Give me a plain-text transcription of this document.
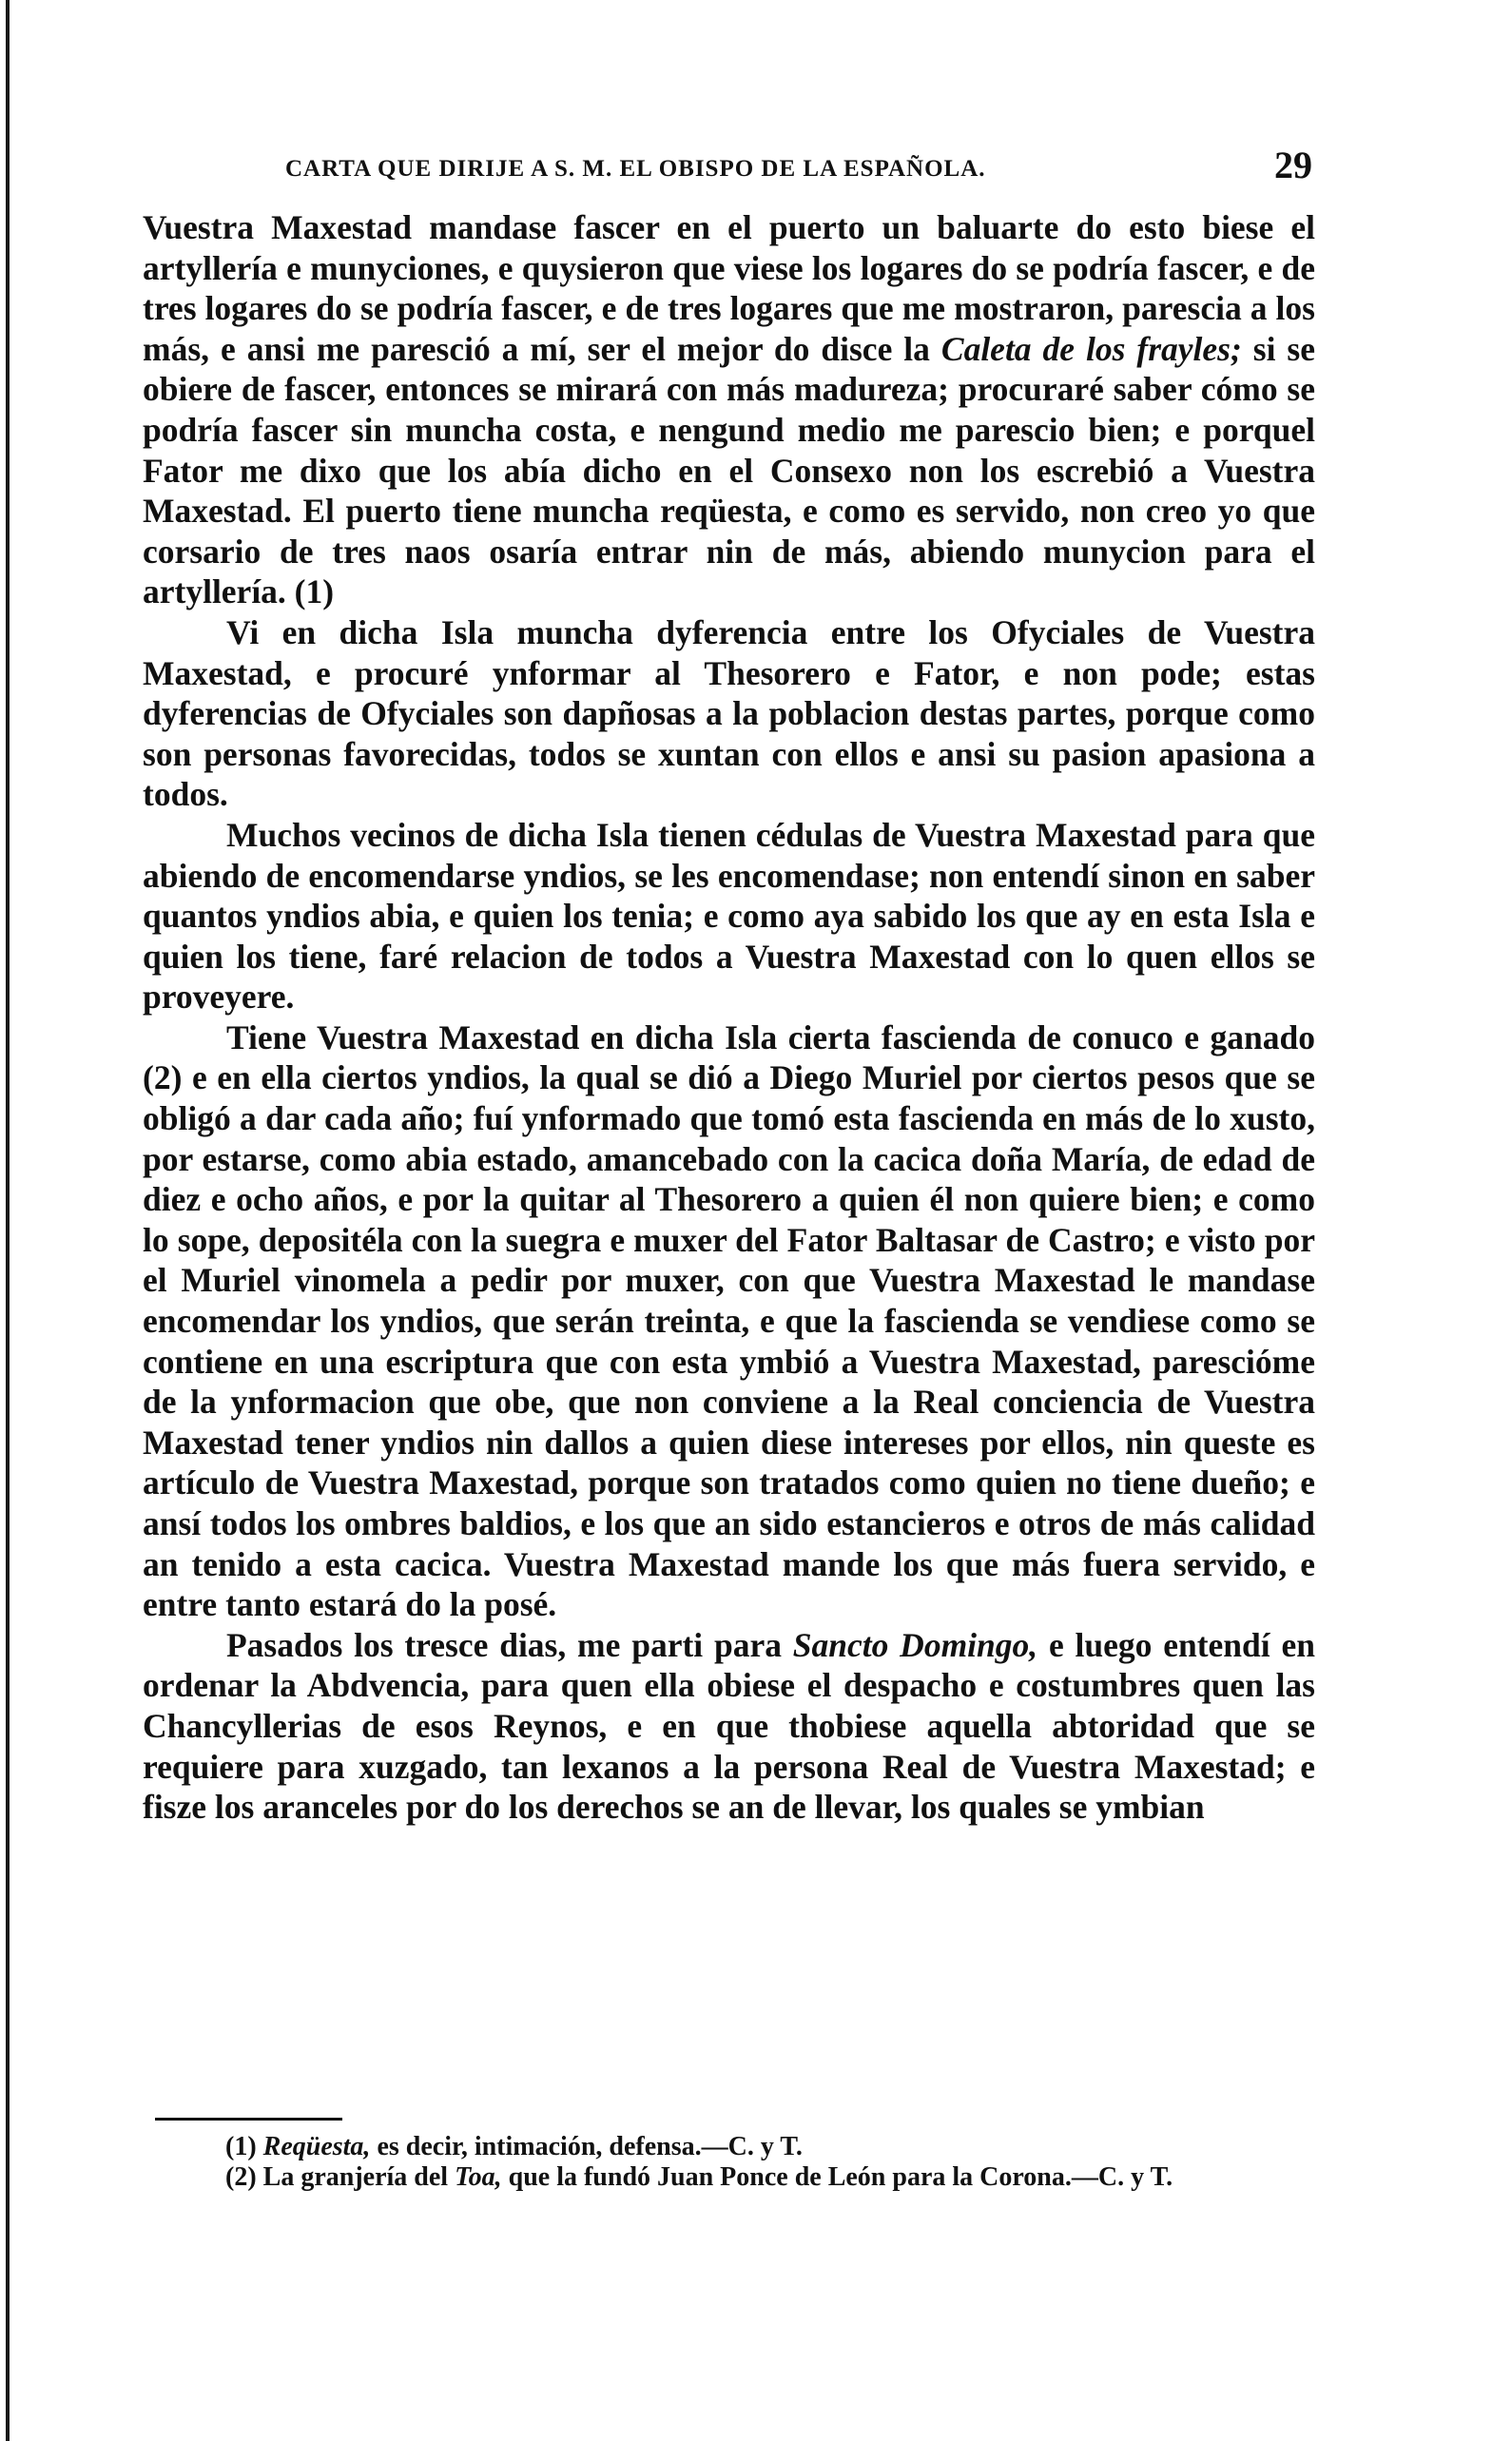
CARTA QUE DIRIJE A S. M. EL OBISPO DE LA ESPAÑOLA.	29

Vuestra Maxestad mandase fascer en el puerto un baluarte do esto biese el artyllería e munyciones, e quysieron que viese los logares do se podría fascer, e de tres logares do se podría fascer, e de tres logares que me mostraron, parescia a los más, e ansi me paresció a mí, ser el mejor do disce la Caleta de los frayles; si se obiere de fascer, entonces se mirará con más madureza; procuraré saber cómo se podría fascer sin muncha costa, e nengund medio me parescio bien; e porquel Fator me dixo que los abía dicho en el Consexo non los escrebió a Vuestra Maxestad. El puerto tiene muncha reqüesta, e como es servido, non creo yo que corsario de tres naos osaría entrar nin de más, abiendo munycion para el artyllería. (1)

Vi en dicha Isla muncha dyferencia entre los Ofyciales de Vuestra Maxestad, e procuré ynformar al Thesorero e Fator, e non pode; estas dyferencias de Ofyciales son dapñosas a la poblacion destas partes, porque como son personas favorecidas, todos se xuntan con ellos e ansi su pasion apasiona a todos.

Muchos vecinos de dicha Isla tienen cédulas de Vuestra Maxestad para que abiendo de encomendarse yndios, se les encomendase; non entendí sinon en saber quantos yndios abia, e quien los tenia; e como aya sabido los que ay en esta Isla e quien los tiene, faré relacion de todos a Vuestra Maxestad con lo quen ellos se proveyere.

Tiene Vuestra Maxestad en dicha Isla cierta fascienda de conuco e ganado (2) e en ella ciertos yndios, la qual se dió a Diego Muriel por ciertos pesos que se obligó a dar cada año; fuí ynformado que tomó esta fascienda en más de lo xusto, por estarse, como abia estado, amancebado con la cacica doña María, de edad de diez e ocho años, e por la quitar al Thesorero a quien él non quiere bien; e como lo sope, depositéla con la suegra e muxer del Fator Baltasar de Castro; e visto por el Muriel vinomela a pedir por muxer, con que Vuestra Maxestad le mandase encomendar los yndios, que serán treinta, e que la fascienda se vendiese como se contiene en una escriptura que con esta ymbió a Vuestra Maxestad, parescióme de la ynformacion que obe, que non conviene a la Real conciencia de Vuestra Maxestad tener yndios nin dallos a quien diese intereses por ellos, nin queste es artículo de Vuestra Maxestad, porque son tratados como quien no tiene dueño; e ansí todos los ombres baldios, e los que an sido estancieros e otros de más calidad an tenido a esta cacica. Vuestra Maxestad mande los que más fuera servido, e entre tanto estará do la posé.

Pasados los tresce dias, me parti para Sancto Domingo, e luego entendí en ordenar la Abdvencia, para quen ella obiese el despacho e costumbres quen las Chancyllerias de esos Reynos, e en que thobiese aquella abtoridad que se requiere para xuzgado, tan lexanos a la persona Real de Vuestra Maxestad; e fisze los aranceles por do los derechos se an de llevar, los quales se ymbian

(1) Reqüesta, es decir, intimación, defensa.—C. y T.

(2) La granjería del Toa, que la fundó Juan Ponce de León para la Corona.—C. y T.
